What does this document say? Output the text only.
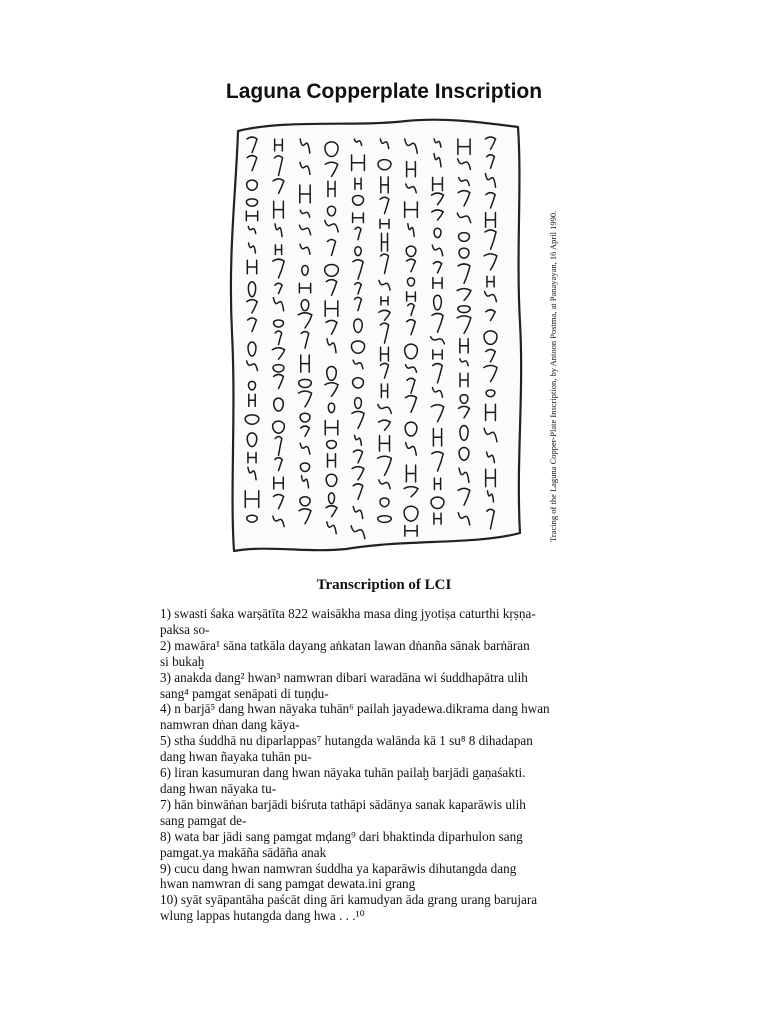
Laguna Copperplate Inscription
Tracing of the Laguna Copper-Plate Inscription, by Antoon Postma, at Panayayan, 16 April 1990.
Transcription of LCI
1) swasti śaka warṣātīta 822 waisākha masa ding jyotiṣa caturthi kṛṣṇa-
paksa so-
2) mawāra¹ sāna tatkāla dayang aṅkatan lawan dṅanña sānak barṅāran
si bukaḫ
3) anakda dang² hwan³ namwran dibari waradāna wi śuddhapātra ulih
sang⁴ pamgat senāpati di tuṇḍu-
4) n barjā⁵ dang hwan nāyaka tuhān⁶ pailah jayadewa.dikrama dang hwan
namwran dṅan dang kāya-
5) stha śuddhā nu diparlappas⁷ hutangda walānda kā 1 su⁸ 8 dihadapan
dang hwan ñayaka tuhān pu-
6) liran kasumuran dang hwan nāyaka tuhān pailaḫ barjādi gaṇaśakti.
dang hwan nāyaka tu-
7) hān binwāṅan barjādi biśruta tathāpi sādānya sanak kaparāwis ulih
sang pamgat de-
8) wata bar jādi sang pamgat mḍang⁹ dari bhaktinda diparhulon sang
pamgat.ya makāña sādāña anak
9) cucu dang hwan namwran śuddha ya kaparāwis dihutangda dang
hwan namwran di sang pamgat dewata.ini grang
10) syāt syāpantāha paścāt ding āri kamudyan āda grang urang barujara
wlung lappas hutangda dang hwa . . .¹⁰
